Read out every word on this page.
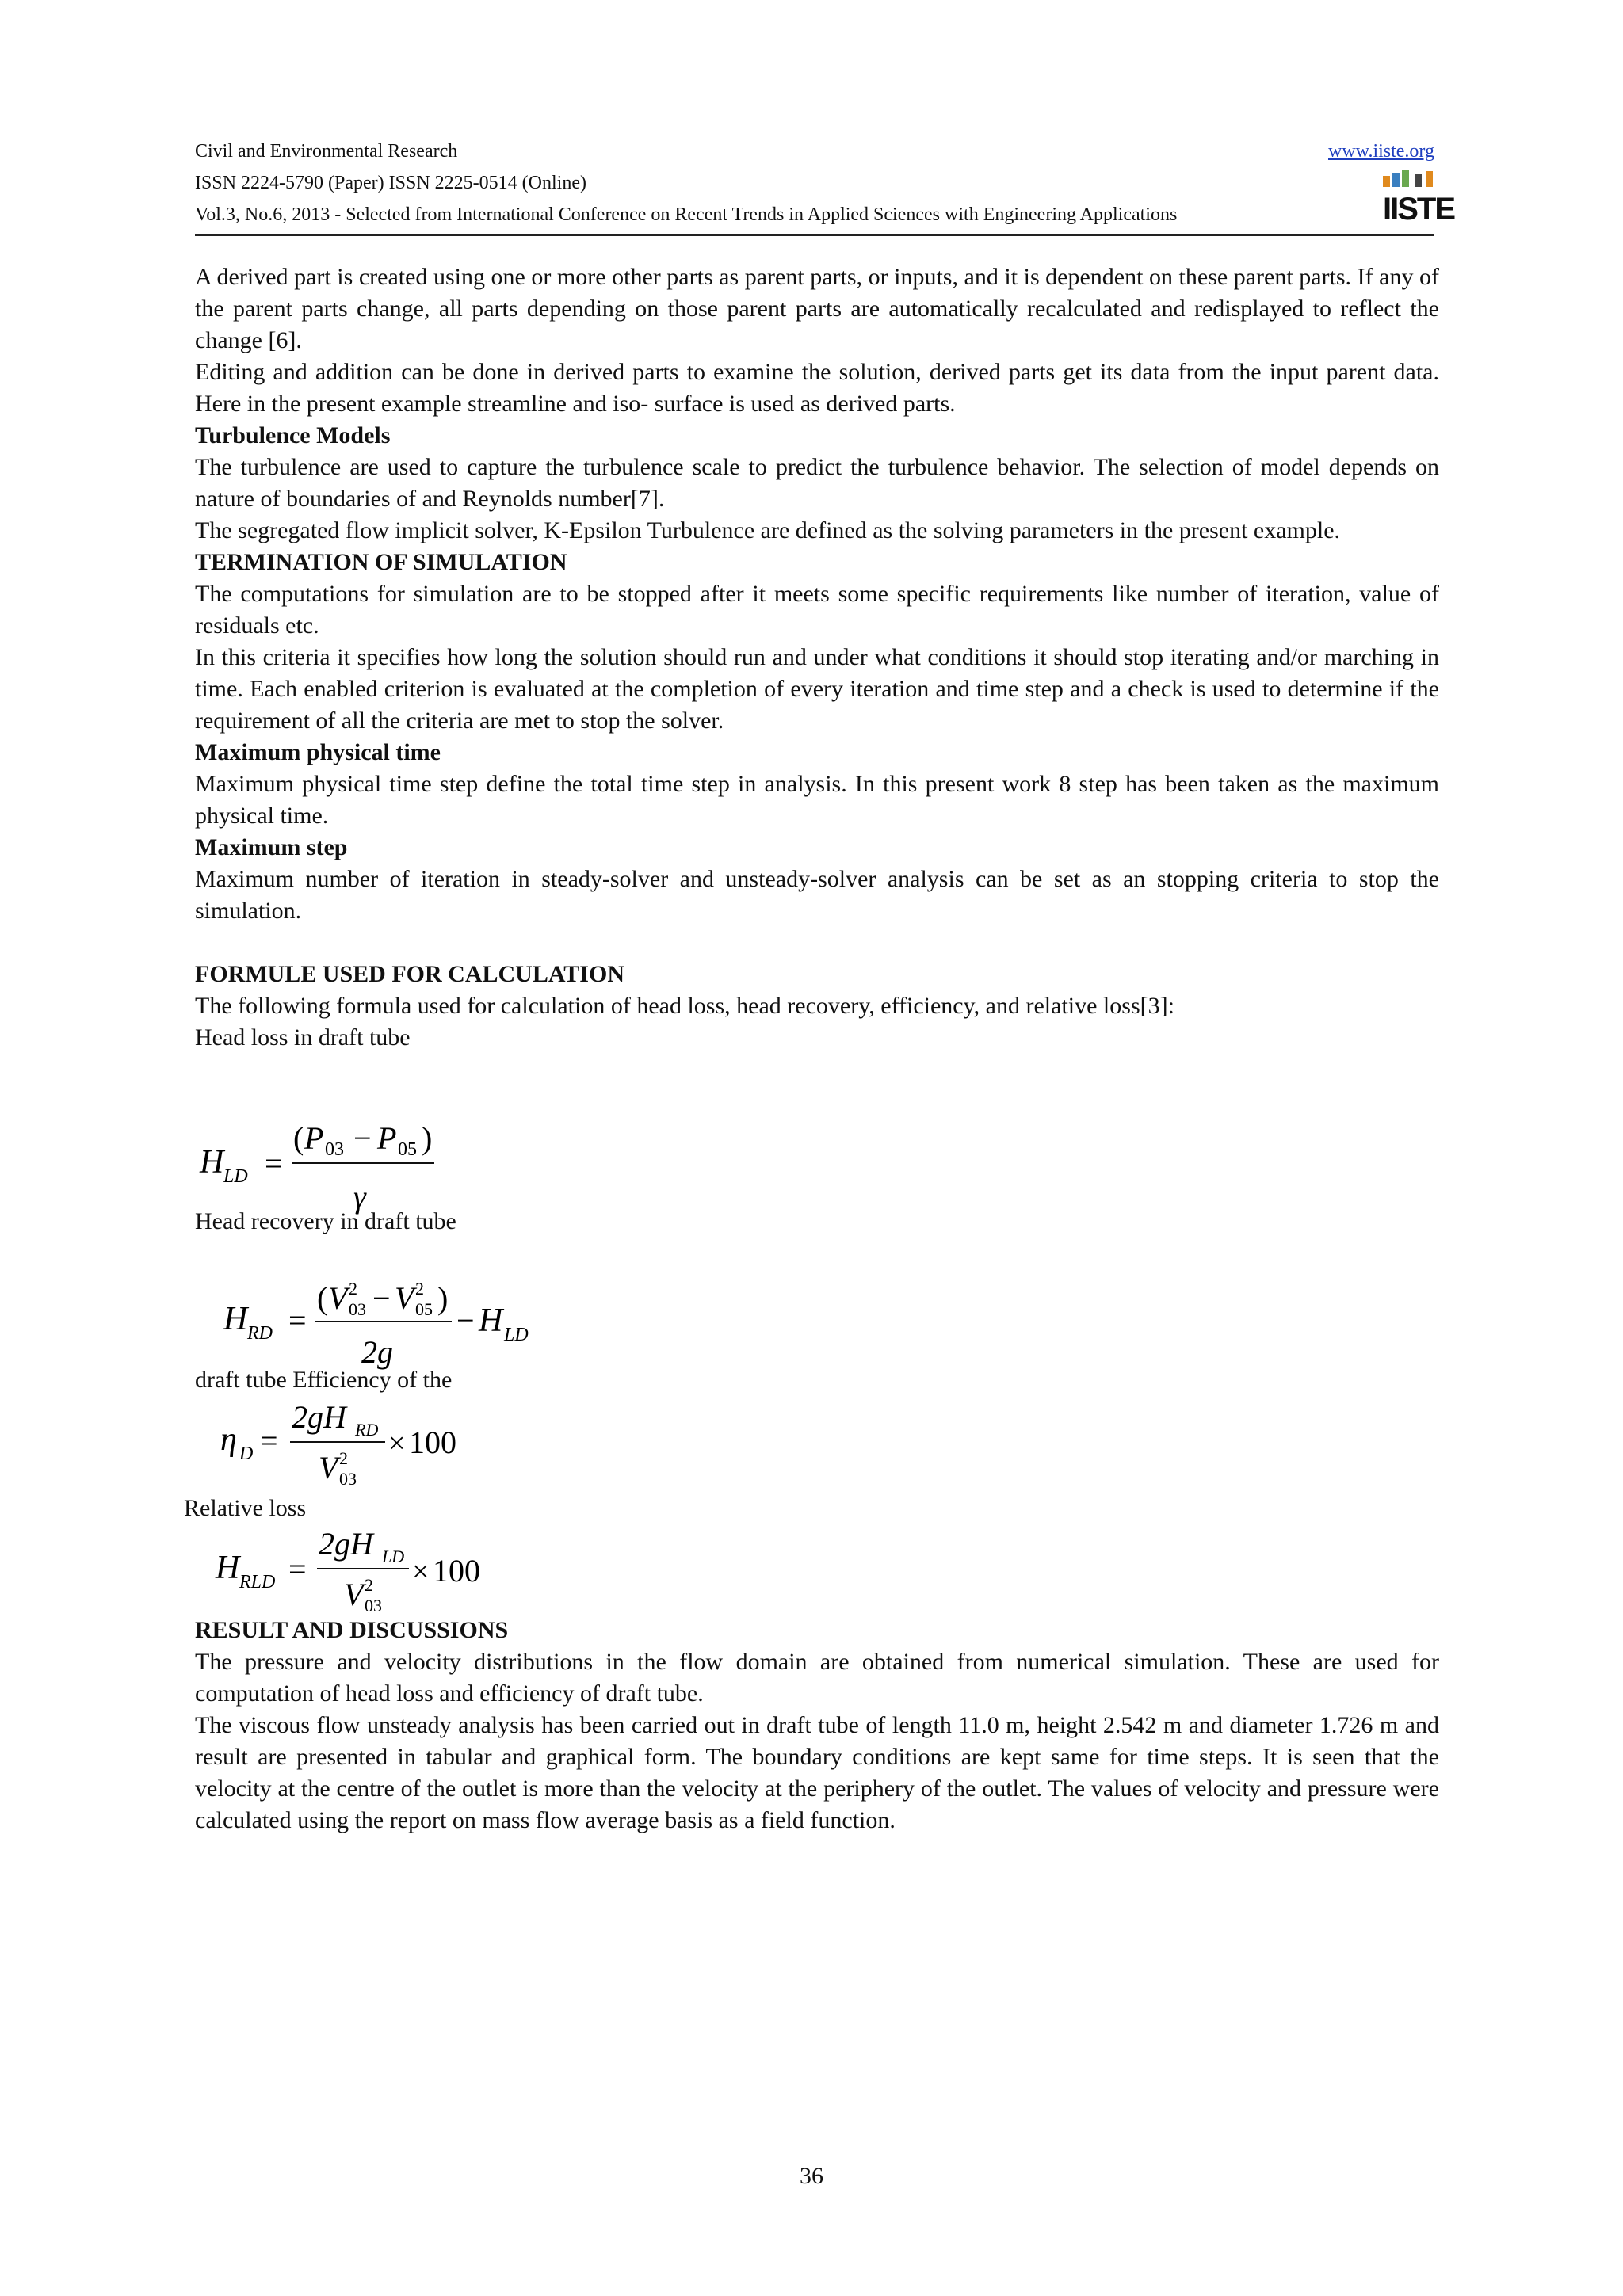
Civil and Environmental Research	www.iiste.org
ISSN 2224-5790 (Paper) ISSN 2225-0514 (Online)
Vol.3, No.6, 2013 - Selected from International Conference on Recent Trends in Applied Sciences with Engineering Applications	IISTE

A derived part is created using one or more other parts as parent parts, or inputs, and it is dependent on these parent parts. If any of the parent parts change, all parts depending on those parent parts are automatically recalculated and redisplayed to reflect the change [6].

Editing and addition can be done in derived parts to examine the solution, derived parts get its data from the input parent data. Here in the present example streamline and iso- surface is used as derived parts.

Turbulence Models

The turbulence are used to capture the turbulence scale to predict the turbulence behavior. The selection of model depends on nature of boundaries of and Reynolds number[7].

The segregated flow implicit solver, K-Epsilon Turbulence are defined as the solving parameters in the present example.

TERMINATION OF SIMULATION

The computations for simulation are to be stopped after it meets some specific requirements like number of iteration, value of residuals etc.

In this criteria it specifies how long the solution should run and under what conditions it should stop iterating and/or marching in time. Each enabled criterion is evaluated at the completion of every iteration and time step and a check is used to determine if the requirement of all the criteria are met to stop the solver.

Maximum physical time

Maximum physical time step define the total time step in analysis. In this present work 8 step has been taken as the maximum physical time.

Maximum step

Maximum number of iteration in steady-solver and unsteady-solver analysis can be set as an stopping criteria to stop the simulation.

FORMULE USED FOR CALCULATION

The following formula used for calculation of head loss, head recovery, efficiency, and relative loss[3]:

Head loss in draft tube

H LD =
( P 03 − P 05 )
γ
Head recovery in draft tube
H RD =
( V 2
03 − V 2
05 )
2g
− H LD
draft tube Efficiency of the
η D =
2gH RD
V 2
03
× 100
Relative loss
H RLD =
2gH LD
V 2
03
× 100

RESULT AND DISCUSSIONS

The pressure and velocity distributions in the flow domain are obtained from numerical simulation. These are used for computation of head loss and efficiency of draft tube.

The viscous flow unsteady analysis has been carried out in draft tube of length 11.0 m, height 2.542 m and diameter 1.726 m and result are presented in tabular and graphical form. The boundary conditions are kept same for time steps. It is seen that the velocity at the centre of the outlet is more than the velocity at the periphery of the outlet. The values of velocity and pressure were calculated using the report on mass flow average basis as a field function.

36
